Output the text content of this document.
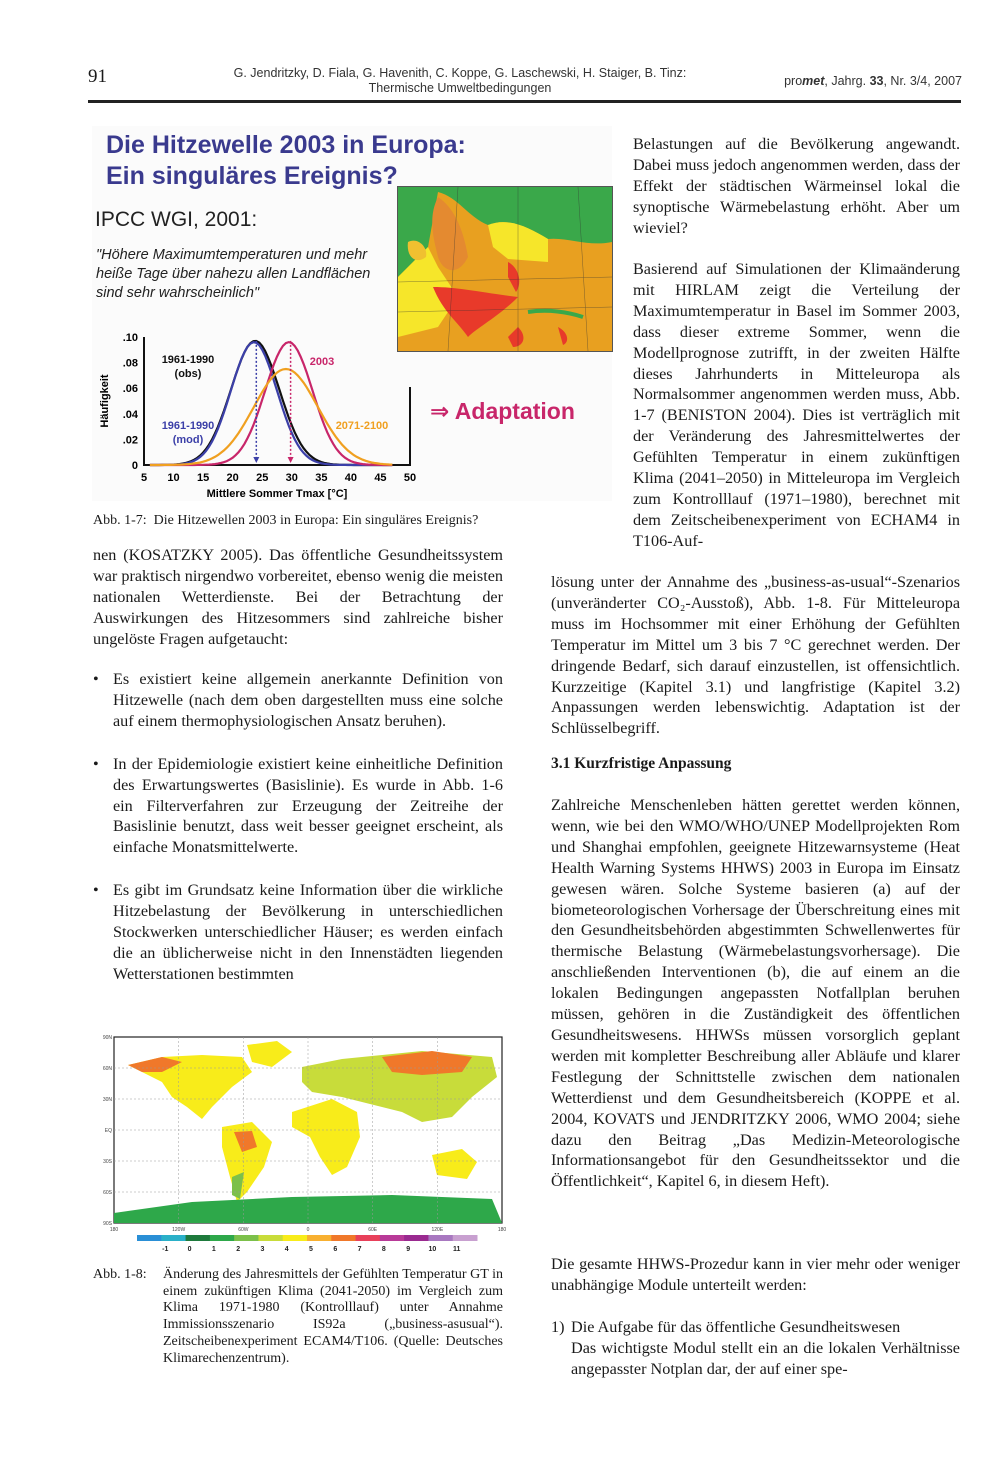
91	G. Jendritzky, D. Fiala, G. Havenith, C. Koppe, G. Laschewski, H. Staiger, B. Tinz:
Thermische Umweltbedingungen	promet, Jahrg. 33, Nr. 3/4, 2007
Die Hitzewelle 2003 in Europa:
Ein singuläres Ereignis?
IPCC WGI, 2001:
"Höhere Maximumtemperaturen und mehr heiße Tage über nahezu allen Landflächen sind sehr wahrscheinlich"
5 10 15 20 25 30 35 40 45 50
.10
.08
.06
.04
.02
0
Mittlere Sommer Tmax [°C]
Häufigkeit
1961-1990
(obs)
1961-1990
(mod)
2003
2071-2100
⇒ Adaptation
Abb. 1-7: Die Hitzewellen 2003 in Europa: Ein singuläres Ereignis?
nen (KOSATZKY 2005). Das öffentliche Gesundheitssystem war praktisch nirgendwo vorbereitet, ebenso wenig die meisten nationalen Wetterdienste. Bei der Betrachtung der Auswirkungen des Hitzesommers sind zahlreiche bisher ungelöste Fragen aufgetaucht:
• Es existiert keine allgemein anerkannte Definition von Hitzewelle (nach dem oben dargestellten muss eine solche auf einem thermophysiologischen Ansatz beruhen).
• In der Epidemiologie existiert keine einheitliche Definition des Erwartungswertes (Basislinie). Es wurde in Abb. 1-6 ein Filterverfahren zur Erzeugung der Zeitreihe der Basislinie benutzt, dass weit besser geeignet erscheint, als einfache Monatsmittelwerte.
• Es gibt im Grundsatz keine Information über die wirkliche Hitzebelastung der Bevölkerung in unterschiedlichen Stockwerken unterschiedlicher Häuser; es werden einfach die an üblicherweise nicht in den Innenstädten liegenden Wetterstationen bestimmten
90N
60N
30N
EQ
30S
60S
90S
180	120W	60W	0	60E	120E	180
-1	0	1	2	3	4	5	6	7	8	9	10 11
Abb. 1-8: Änderung des Jahresmittels der Gefühlten Temperatur GT in einem zukünftigen Klima (2041-2050) im Vergleich zum Klima 1971-1980 (Kontrolllauf) unter Annahme Immissionsszenario IS92a („business-asusual“). Zeitscheibenexperiment ECAM4/T106. (Quelle: Deutsches Klimarechenzentrum).
Belastungen auf die Bevölkerung angewandt. Dabei muss jedoch angenommen werden, dass der Effekt der städtischen Wärmeinsel lokal die synoptische Wärmebelastung erhöht. Aber um wieviel?
Basierend auf Simulationen der Klimaänderung mit HIRLAM zeigt die Verteilung der Maximumtemperatur in Basel im Sommer 2003, dass dieser extreme Sommer, wenn die Modellprognose zutrifft, in der zweiten Hälfte dieses Jahrhunderts in Mitteleuropa als Normalsommer angenommen werden muss, Abb. 1-7 (BENISTON 2004). Dies ist verträglich mit der Veränderung des Jahresmittelwertes der Gefühlten Temperatur in einem zukünftigen Klima (2041–2050) in Mitteleuropa im Vergleich zum Kontrolllauf (1971–1980), berechnet mit dem Zeitscheibenexperiment von ECHAM4 in T106-Auf-
lösung unter der Annahme des „business-as-usual“-Szenarios (unveränderter CO₂-Ausstoß), Abb. 1-8. Für Mitteleuropa muss im Hochsommer mit einer Erhöhung der Gefühlten Temperatur im Mittel um 3 bis 7 °C gerechnet werden. Der dringende Bedarf, sich darauf einzustellen, ist offensichtlich. Kurzzeitige (Kapitel 3.1) und langfristige (Kapitel 3.2) Anpassungen werden lebenswichtig. Adaptation ist der Schlüsselbegriff.
3.1 Kurzfristige Anpassung
Zahlreiche Menschenleben hätten gerettet werden können, wenn, wie bei den WMO/WHO/UNEP Modellprojekten Rom und Shanghai empfohlen, geeignete Hitzewarnsysteme (Heat Health Warning Systems HHWS) 2003 in Europa im Einsatz gewesen wären. Solche Systeme basieren (a) auf der biometeorologischen Vorhersage der Überschreitung eines mit den Gesundheitsbehörden abgestimmten Schwellenwertes für thermische Belastung (Wärmebelastungsvorhersage). Die anschließenden Interventionen (b), die auf einem an die lokalen Bedingungen angepassten Notfallplan beruhen müssen, gehören in die Zuständigkeit des öffentlichen Gesundheitswesens. HHWSs müssen vorsorglich geplant werden mit kompletter Beschreibung aller Abläufe und klarer Festlegung der Schnittstelle zwischen dem nationalen Wetterdienst und dem Gesundheitsbereich (KOPPE et al. 2004, KOVATS und JENDRITZKY 2006, WMO 2004; siehe dazu den Beitrag „Das Medizin-Meteorologische Informationsangebot für den Gesundheitssektor und die Öffentlichkeit“, Kapitel 6, in diesem Heft).
Die gesamte HHWS-Prozedur kann in vier mehr oder weniger unabhängige Module unterteilt werden:
1) Die Aufgabe für das öffentliche Gesundheitswesen
Das wichtigste Modul stellt ein an die lokalen Verhältnisse angepasster Notplan dar, der auf einer spe-
